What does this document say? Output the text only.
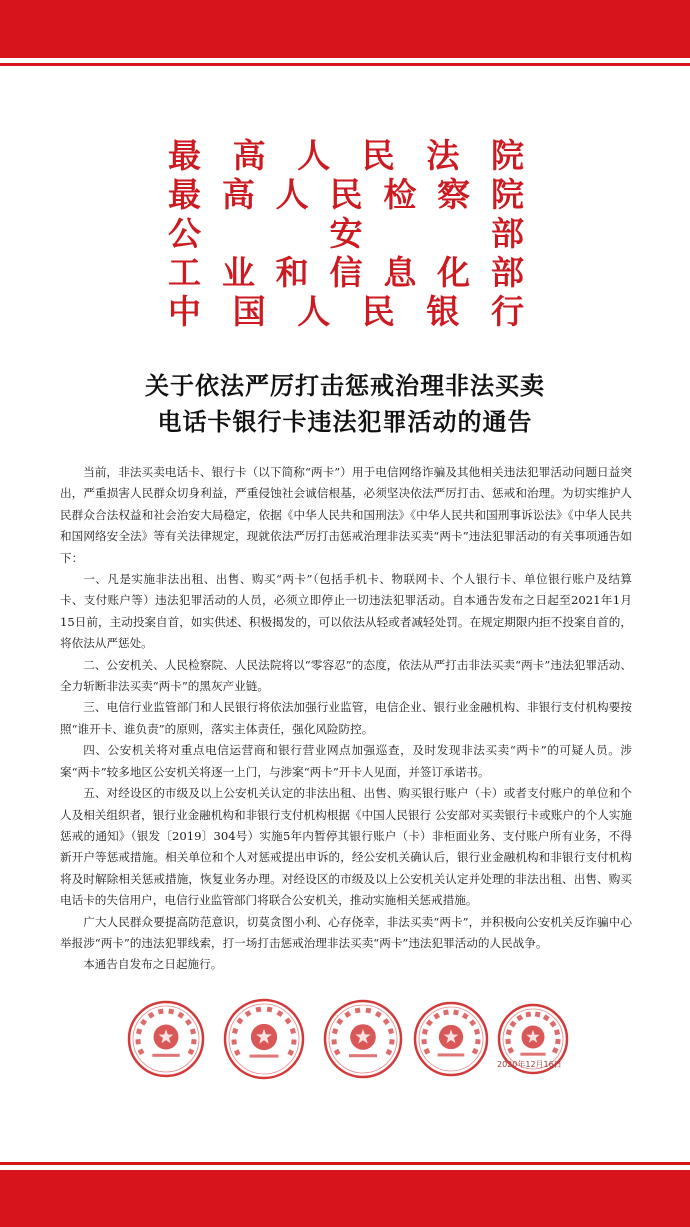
最 高 人 民 法 院
最 高 人 民 检 察 院
公	安	部
工 业 和 信 息 化 部
中 国 人 民 银 行
关于依法严厉打击惩戒治理非法买卖
电话卡银行卡违法犯罪活动的通告

当前，非法买卖电话卡、银行卡（以下简称“两卡”）用于电信网络诈骗及其他相关违法犯罪活动问题日益突出，严重损害人民群众切身利益，严重侵蚀社会诚信根基，必须坚决依法严厉打击、惩戒和治理。为切实维护人民群众合法权益和社会治安大局稳定，依据《中华人民共和国刑法》《中华人民共和国刑事诉讼法》《中华人民共和国网络安全法》等有关法律规定，现就依法严厉打击惩戒治理非法买卖“两卡”违法犯罪活动的有关事项通告如下：

一、凡是实施非法出租、出售、购买“两卡”（包括手机卡、物联网卡、个人银行卡、单位银行账户及结算卡、支付账户等）违法犯罪活动的人员，必须立即停止一切违法犯罪活动。自本通告发布之日起至2021年1月15日前，主动投案自首，如实供述、积极揭发的，可以依法从轻或者减轻处罚。在规定期限内拒不投案自首的，将依法从严惩处。

二、公安机关、人民检察院、人民法院将以“零容忍”的态度，依法从严打击非法买卖“两卡”违法犯罪活动、全力斩断非法买卖“两卡”的黑灰产业链。

三、电信行业监管部门和人民银行将依法加强行业监管，电信企业、银行业金融机构、非银行支付机构要按照“谁开卡、谁负责”的原则，落实主体责任，强化风险防控。

四、公安机关将对重点电信运营商和银行营业网点加强巡查，及时发现非法买卖“两卡”的可疑人员。涉案“两卡”较多地区公安机关将逐一上门，与涉案“两卡”开卡人见面，并签订承诺书。

五、对经设区的市级及以上公安机关认定的非法出租、出售、购买银行账户（卡）或者支付账户的单位和个人及相关组织者，银行业金融机构和非银行支付机构根据《中国人民银行 公安部对买卖银行卡或账户的个人实施惩戒的通知》（银发〔2019〕304号）实施5年内暂停其银行账户（卡）非柜面业务、支付账户所有业务，不得新开户等惩戒措施。相关单位和个人对惩戒提出申诉的，经公安机关确认后，银行业金融机构和非银行支付机构将及时解除相关惩戒措施，恢复业务办理。对经设区的市级及以上公安机关认定并处理的非法出租、出售、购买电话卡的失信用户，电信行业监管部门将联合公安机关，推动实施相关惩戒措施。

广大人民群众要提高防范意识，切莫贪图小利、心存侥幸，非法买卖“两卡”，并积极向公安机关反诈骗中心举报涉“两卡”的违法犯罪线索，打一场打击惩戒治理非法买卖“两卡”违法犯罪活动的人民战争。

本通告自发布之日起施行。

2020年12月16日
